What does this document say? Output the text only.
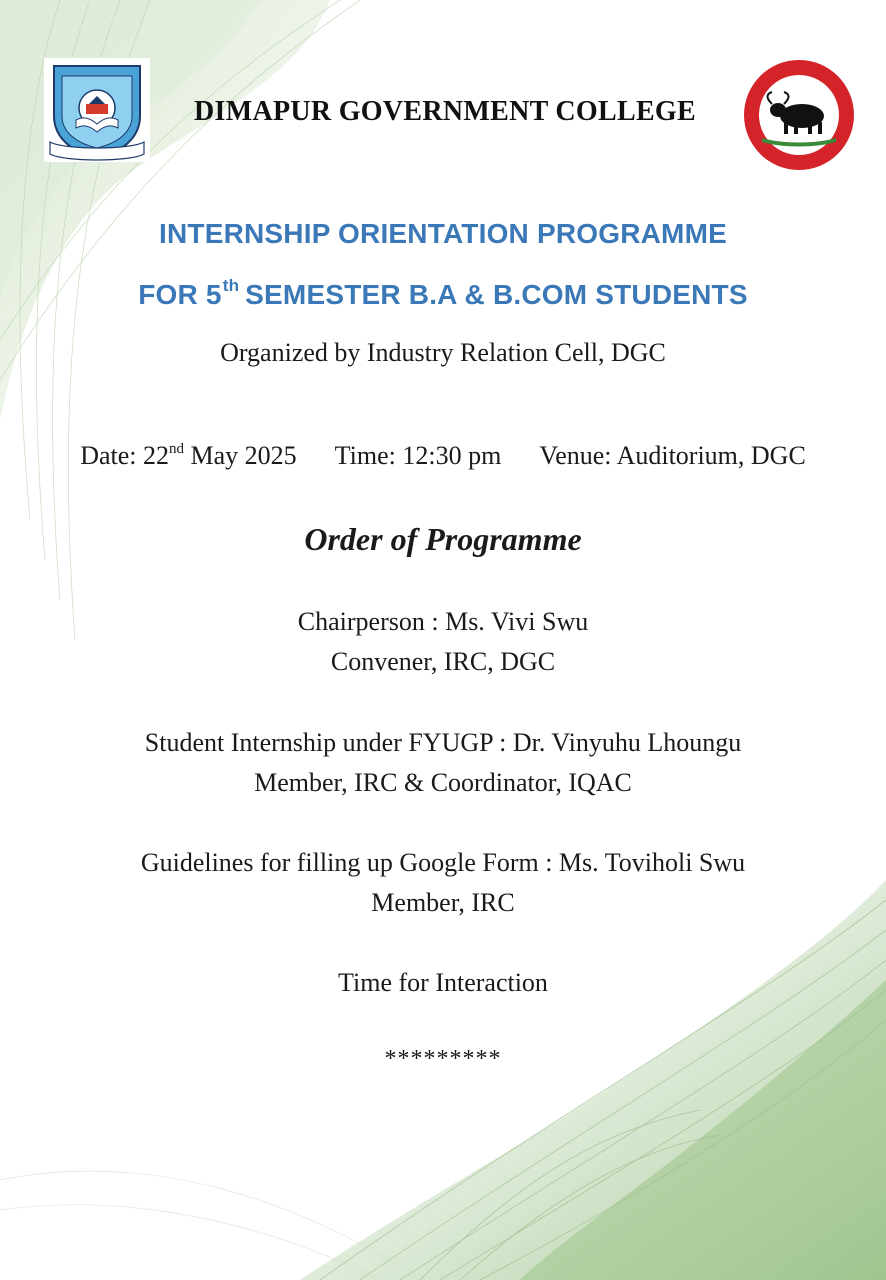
DIMAPUR GOVERNMENT COLLEGE
INTERNSHIP ORIENTATION PROGRAMME
FOR 5th SEMESTER B.A & B.COM STUDENTS
Organized by Industry Relation Cell, DGC
Date: 22nd May 2025 Time: 12:30 pm Venue: Auditorium, DGC
Order of Programme
Chairperson : Ms. Vivi Swu
Convener, IRC, DGC
Student Internship under FYUGP : Dr. Vinyuhu Lhoungu
Member, IRC & Coordinator, IQAC
Guidelines for filling up Google Form : Ms. Toviholi Swu
Member, IRC
Time for Interaction
*********
